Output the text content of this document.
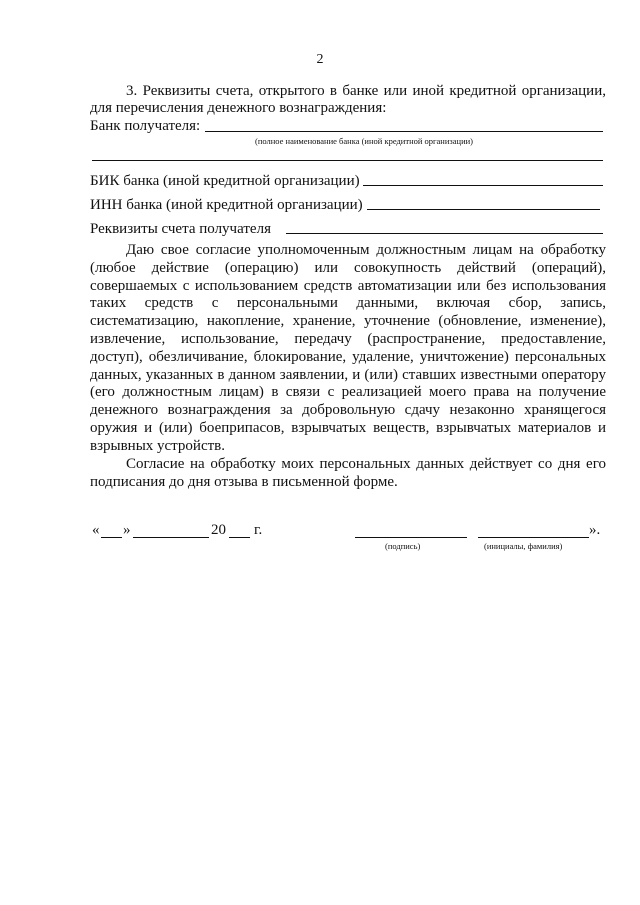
2
3. Реквизиты счета, открытого в банке или иной кредитной организации,
для перечисления денежного вознаграждения:
Банк получателя:
(полное наименование банка (иной кредитной организации)
БИК банка (иной кредитной организации)
ИНН банка (иной кредитной организации)
Реквизиты счета получателя
Даю свое согласие уполномоченным должностным лицам на обработку
(любое действие (операцию) или совокупность действий (операций),
совершаемых с использованием средств автоматизации или без использования
таких средств с персональными данными, включая сбор, запись,
систематизацию, накопление, хранение, уточнение (обновление, изменение),
извлечение, использование, передачу (распространение, предоставление,
доступ), обезличивание, блокирование, удаление, уничтожение) персональных
данных, указанных в данном заявлении, и (или) ставших известными оператору
(его должностным лицам) в связи с реализацией моего права на получение
денежного вознаграждения за добровольную сдачу незаконно хранящегося
оружия и (или) боеприпасов, взрывчатых веществ, взрывчатых материалов и
взрывных устройств.
Согласие на обработку моих персональных данных действует со дня его
подписания до дня отзыва в письменной форме.
« »	20 г.
(подпись)
».
(инициалы, фамилия)
